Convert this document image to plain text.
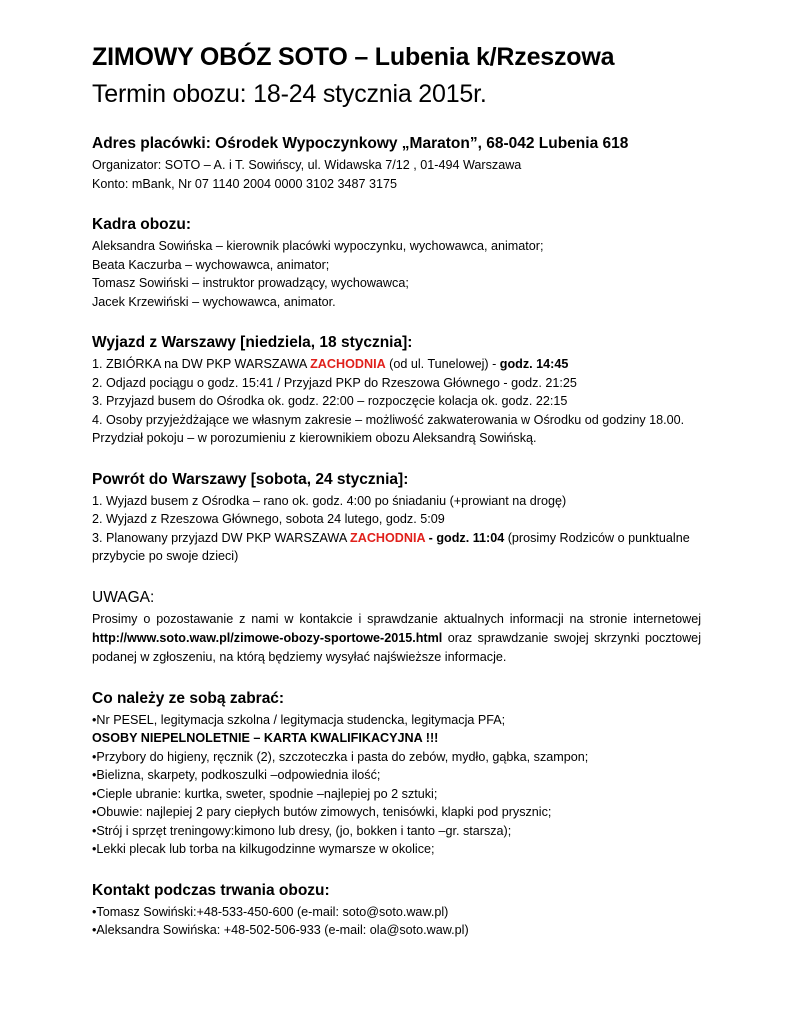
ZIMOWY OBÓZ SOTO – Lubenia k/Rzeszowa

Termin obozu: 18-24 stycznia 2015r.

Adres placówki: Ośrodek Wypoczynkowy „Maraton”, 68-042 Lubenia 618

Organizator: SOTO – A. i T. Sowińscy, ul. Widawska 7/12 , 01-494 Warszawa

Konto: mBank, Nr 07 1140 2004 0000 3102 3487 3175

Kadra obozu:

Aleksandra Sowińska – kierownik placówki wypoczynku, wychowawca, animator;

Beata Kaczurba – wychowawca, animator;

Tomasz Sowiński – instruktor prowadzący, wychowawca;

Jacek Krzewiński – wychowawca, animator.

Wyjazd z Warszawy [niedziela, 18 stycznia]:

1. ZBIÓRKA na DW PKP WARSZAWA ZACHODNIA (od ul. Tunelowej) - godz. 14:45

2. Odjazd pociągu o godz. 15:41 / Przyjazd PKP do Rzeszowa Głównego - godz. 21:25

3. Przyjazd busem do Ośrodka ok. godz. 22:00 – rozpoczęcie kolacja ok. godz. 22:15

4. Osoby przyjeżdżające we własnym zakresie – możliwość zakwaterowania w Ośrodku od godziny 18.00. Przydział pokoju – w porozumieniu z kierownikiem obozu Aleksandrą Sowińską.

Powrót do Warszawy [sobota, 24 stycznia]:

1. Wyjazd busem z Ośrodka – rano ok. godz. 4:00 po śniadaniu (+prowiant na drogę)

2. Wyjazd z Rzeszowa Głównego, sobota 24 lutego, godz. 5:09

3. Planowany przyjazd DW PKP WARSZAWA ZACHODNIA - godz. 11:04 (prosimy Rodziców o punktualne przybycie po swoje dzieci)

UWAGA:

Prosimy o pozostawanie z nami w kontakcie i sprawdzanie aktualnych informacji na stronie internetowej http://www.soto.waw.pl/zimowe-obozy-sportowe-2015.html oraz sprawdzanie swojej skrzynki pocztowej podanej w zgłoszeniu, na którą będziemy wysyłać najświeższe informacje.

Co należy ze sobą zabrać:

•Nr PESEL, legitymacja szkolna / legitymacja studencka, legitymacja PFA;

OSOBY NIEPELNOLETNIE – KARTA KWALIFIKACYJNA !!!

•Przybory do higieny, ręcznik (2), szczoteczka i pasta do zebów, mydło, gąbka, szampon;

•Bielizna, skarpety, podkoszulki –odpowiednia ilość;

•Cieple ubranie: kurtka, sweter, spodnie –najlepiej po 2 sztuki;

•Obuwie: najlepiej 2 pary ciepłych butów zimowych, tenisówki, klapki pod prysznic;

•Strój i sprzęt treningowy:kimono lub dresy, (jo, bokken i tanto –gr. starsza);

•Lekki plecak lub torba na kilkugodzinne wymarsze w okolice;

Kontakt podczas trwania obozu:

•Tomasz Sowiński:+48-533-450-600 (e-mail: soto@soto.waw.pl)

•Aleksandra Sowińska: +48-502-506-933 (e-mail: ola@soto.waw.pl)
